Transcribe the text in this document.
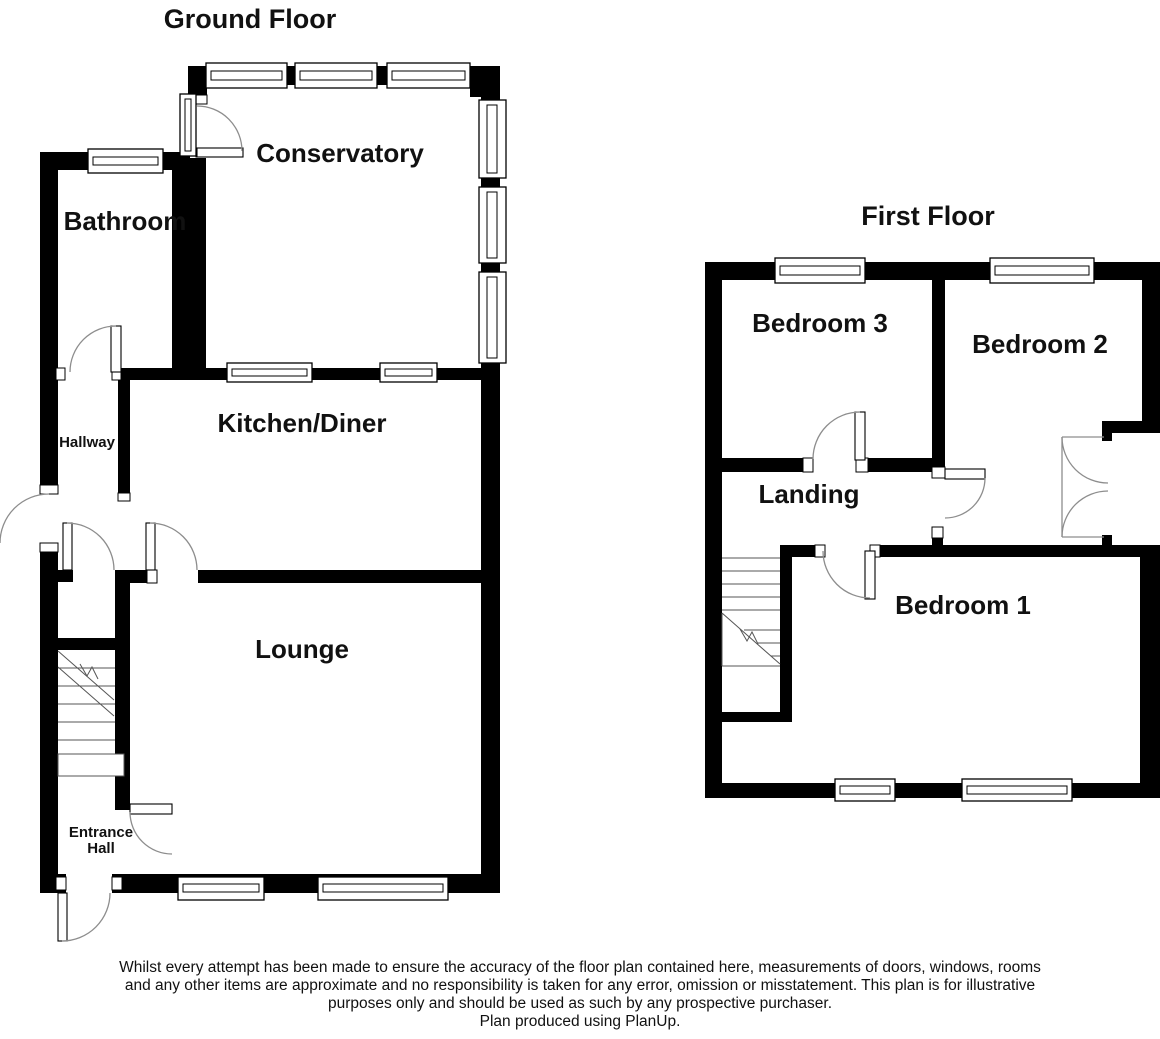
Ground Floor
Conservatory
Bathroom
Kitchen/Diner
Hallway
Lounge
Entrance
Hall
First Floor
Bedroom 3
Bedroom 2
Landing
Bedroom 1
Whilst every attempt has been made to ensure the accuracy of the floor plan contained here, measurements of doors, windows, rooms
and any other items are approximate and no responsibility is taken for any error, omission or misstatement. This plan is for illustrative
purposes only and should be used as such by any prospective purchaser.
Plan produced using PlanUp.
